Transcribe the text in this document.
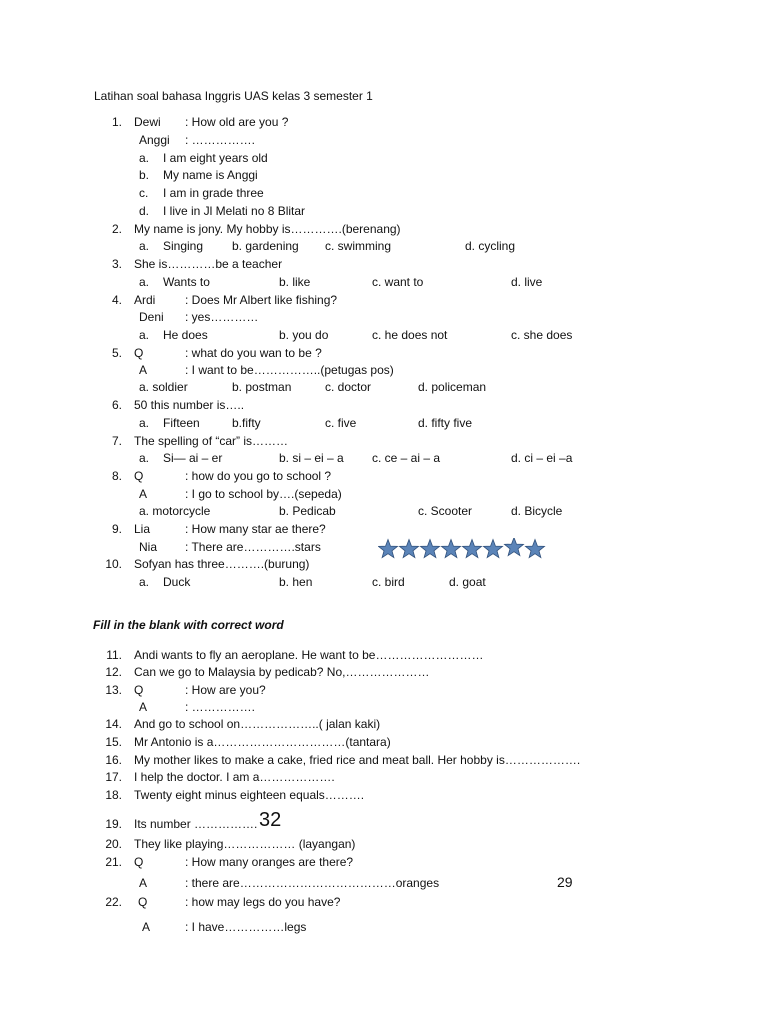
Latihan soal bahasa Inggris UAS kelas 3 semester 1
1. Dewi : How old are you ?
Anggi : …………….
a. I am eight years old
b. My name is Anggi
c. I am in grade three
d. I live in Jl Melati no 8 Blitar
2. My name is jony. My hobby is………….(berenang)
a. Singing b. gardening c. swimming	d. cycling
3. She is…………be a teacher
a. Wants to	b. like	c. want to	d. live
4. Ardi : Does Mr Albert like fishing?
Deni : yes…………
a. He does	b. you do	c. he does not	c. she does
5. Q	: what do you wan to be ?
A	: I want to be……………..(petugas pos)
a. soldier	b. postman	c. doctor	d. policeman
6. 50 this number is…..
a. Fifteen	b.fifty	c. five	d. fifty five
7. The spelling of “car” is………
a. Si— ai – er	b. si – ei – a c. ce – ai – a	d. ci – ei –a
8. Q	: how do you go to school ?
A	: I go to school by….(sepeda)
a. motorcycle	b. Pedicab	c. Scooter	d. Bicycle
9. Lia	: How many star ae there?
Nia : There are………….stars
10. Sofyan has three……….(burung)
a. Duck	b. hen	c. bird	d. goat
11. Andi wants to fly an aeroplane. He want to be………………………
12. Can we go to Malaysia by pedicab? No,…………………
13. Q	: How are you?
A	: …………….
14. And go to school on………………..( jalan kaki)
15. Mr Antonio is a……………………………(tantara)
16. My mother likes to make a cake, fried rice and meat ball. Her hobby is……………….
17. I help the doctor. I am a……………….
18. Twenty eight minus eighteen equals……….
19. Its number …………….
20. They like playing……………… (layangan)
21. Q	: How many oranges are there?
A	: there are…………………………………oranges
22. Q	: how may legs do you have?
A	: I have……………legs
Fill in the blank with correct word
32
29
